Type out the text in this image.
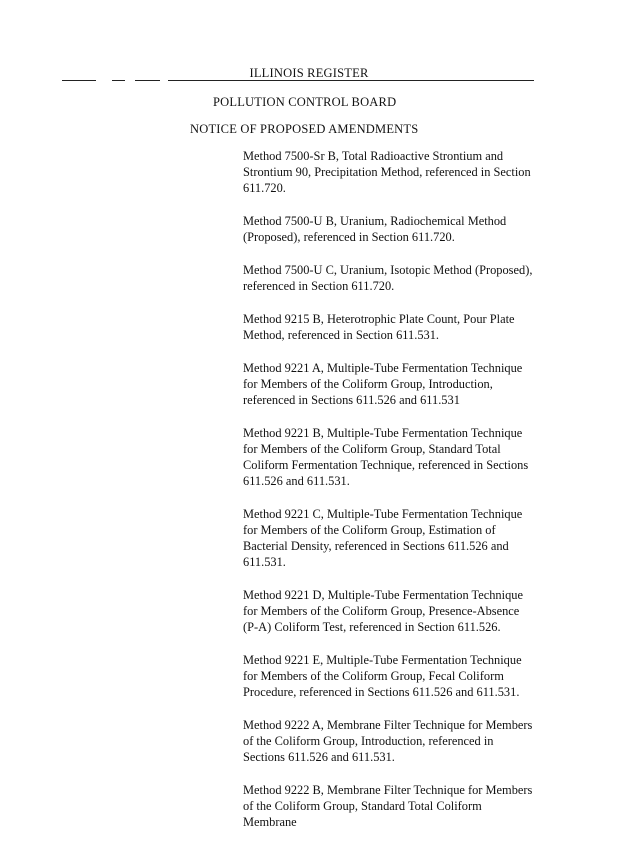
ILLINOIS REGISTER
POLLUTION CONTROL BOARD
NOTICE OF PROPOSED AMENDMENTS

Method 7500-Sr B, Total Radioactive Strontium and Strontium 90, Precipitation Method, referenced in Section 611.720.

Method 7500-U B, Uranium, Radiochemical Method (Proposed), referenced in Section 611.720.

Method 7500-U C, Uranium, Isotopic Method (Proposed), referenced in Section 611.720.

Method 9215 B, Heterotrophic Plate Count, Pour Plate Method, referenced in Section 611.531.

Method 9221 A, Multiple-Tube Fermentation Technique for Members of the Coliform Group, Introduction, referenced in Sections 611.526 and 611.531

Method 9221 B, Multiple-Tube Fermentation Technique for Members of the Coliform Group, Standard Total Coliform Fermentation Technique, referenced in Sections 611.526 and 611.531.

Method 9221 C, Multiple-Tube Fermentation Technique for Members of the Coliform Group, Estimation of Bacterial Density, referenced in Sections 611.526 and 611.531.

Method 9221 D, Multiple-Tube Fermentation Technique for Members of the Coliform Group, Presence-Absence (P-A) Coliform Test, referenced in Section 611.526.

Method 9221 E, Multiple-Tube Fermentation Technique for Members of the Coliform Group, Fecal Coliform Procedure, referenced in Sections 611.526 and 611.531.

Method 9222 A, Membrane Filter Technique for Members of the Coliform Group, Introduction, referenced in Sections 611.526 and 611.531.

Method 9222 B, Membrane Filter Technique for Members of the Coliform Group, Standard Total Coliform Membrane
